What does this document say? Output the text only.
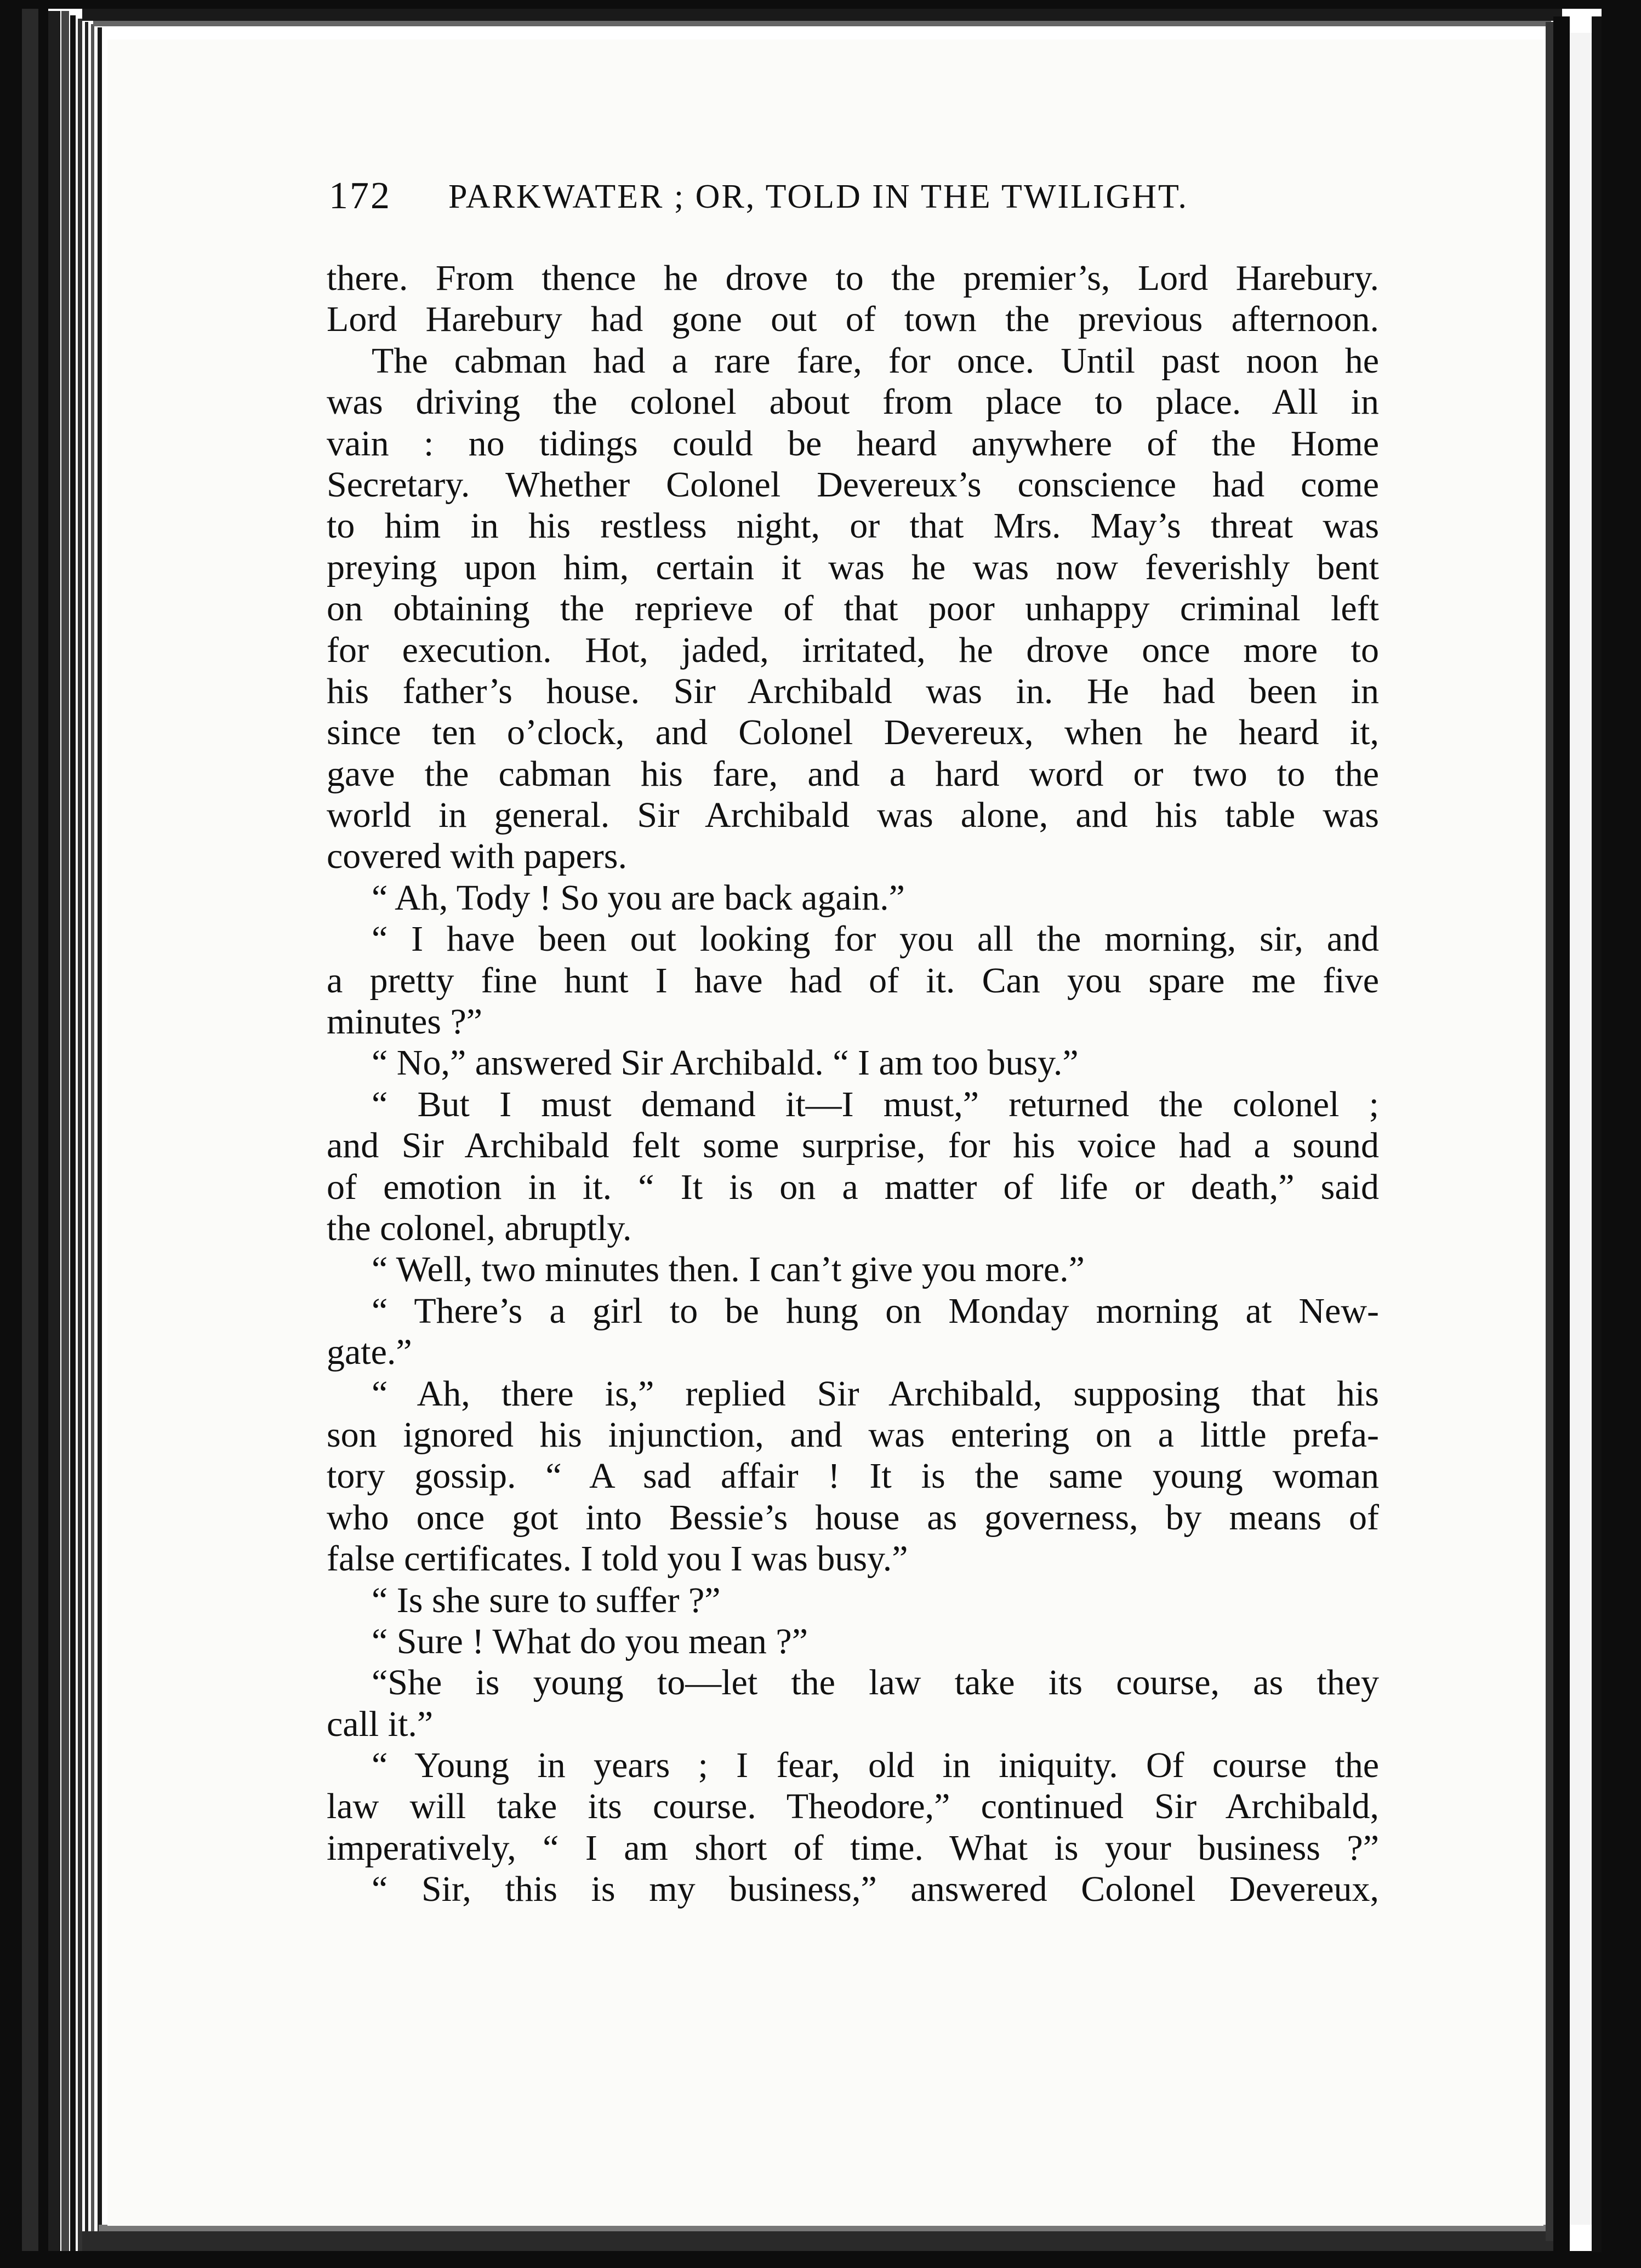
172 PARKWATER ; OR, TOLD IN THE TWILIGHT.
there. From thence he drove to the premier’s, Lord Harebury.
Lord Harebury had gone out of town the previous afternoon.
The cabman had a rare fare, for once. Until past noon he
was driving the colonel about from place to place. All in
vain : no tidings could be heard anywhere of the Home
Secretary. Whether Colonel Devereux’s conscience had come
to him in his restless night, or that Mrs. May’s threat was
preying upon him, certain it was he was now feverishly bent
on obtaining the reprieve of that poor unhappy criminal left
for execution. Hot, jaded, irritated, he drove once more to
his father’s house. Sir Archibald was in. He had been in
since ten o’clock, and Colonel Devereux, when he heard it,
gave the cabman his fare, and a hard word or two to the
world in general. Sir Archibald was alone, and his table was
covered with papers.
“ Ah, Tody ! So you are back again.”
“ I have been out looking for you all the morning, sir, and
a pretty fine hunt I have had of it. Can you spare me five
minutes ?”
“ No,” answered Sir Archibald. “ I am too busy.”
“ But I must demand it—I must,” returned the colonel ;
and Sir Archibald felt some surprise, for his voice had a sound
of emotion in it. “ It is on a matter of life or death,” said
the colonel, abruptly.
“ Well, two minutes then. I can’t give you more.”
“ There’s a girl to be hung on Monday morning at New-
gate.”
“ Ah, there is,” replied Sir Archibald, supposing that his
son ignored his injunction, and was entering on a little prefa-
tory gossip. “ A sad affair ! It is the same young woman
who once got into Bessie’s house as governess, by means of
false certificates. I told you I was busy.”
“ Is she sure to suffer ?”
“ Sure ! What do you mean ?”
“She is young to—let the law take its course, as they
call it.”
“ Young in years ; I fear, old in iniquity. Of course the
law will take its course. Theodore,” continued Sir Archibald,
imperatively, “ I am short of time. What is your business ?”
“ Sir, this is my business,” answered Colonel Devereux,
